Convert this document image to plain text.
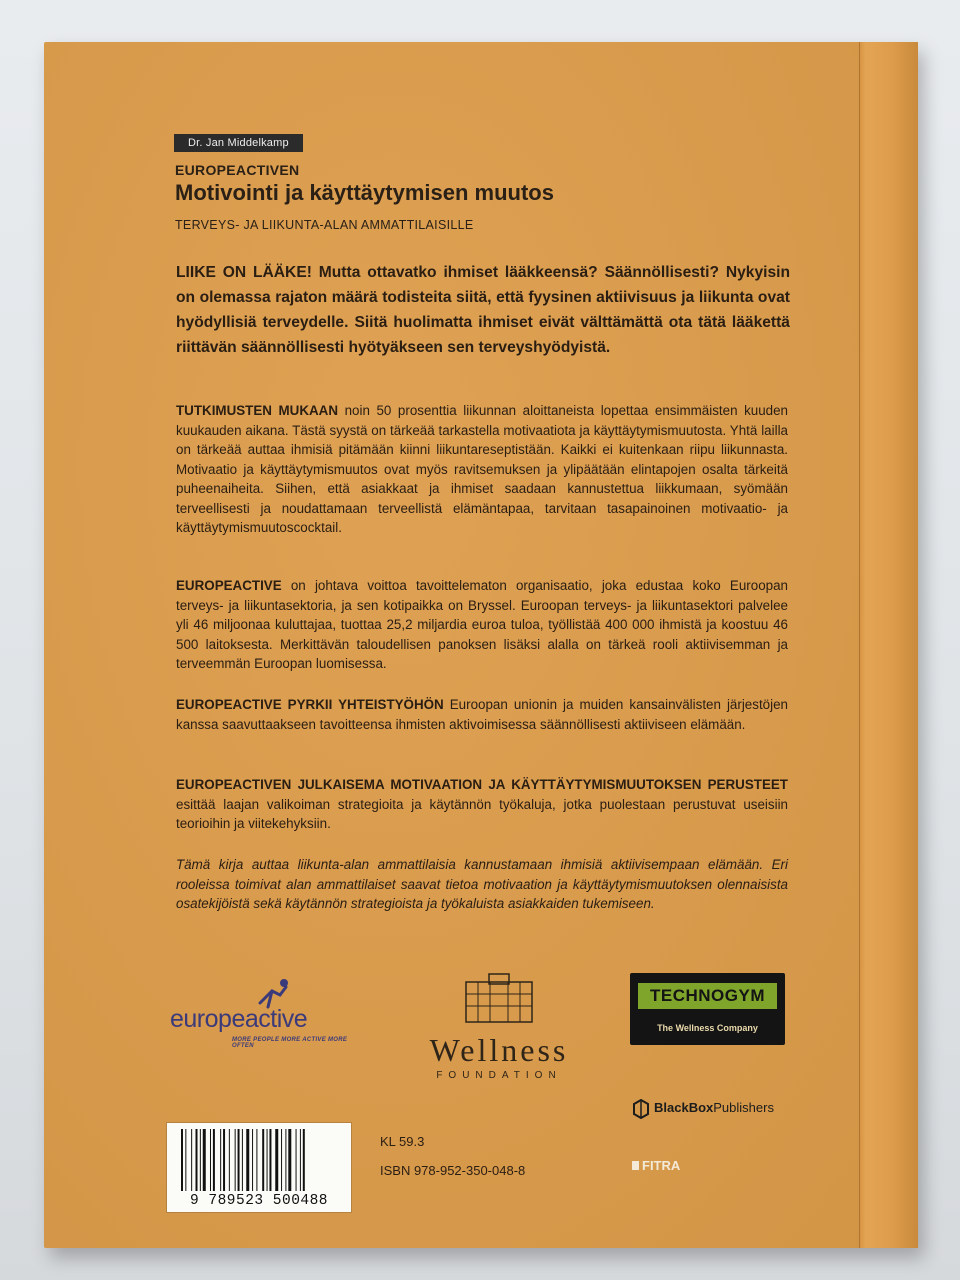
Dr. Jan Middelkamp
EUROPEACTIVEN
Motivointi ja käyttäytymisen muutos
TERVEYS- JA LIIKUNTA-ALAN AMMATTILAISILLE
LIIKE ON LÄÄKE! Mutta ottavatko ihmiset lääkkeensä? Säännöllisesti? Nykyisin on olemassa rajaton määrä todisteita siitä, että fyysinen aktiivisuus ja liikunta ovat hyödyllisiä terveydelle. Siitä huolimatta ihmiset eivät välttämättä ota tätä lääkettä riittävän säännöllisesti hyötyäkseen sen terveyshyödyistä.
TUTKIMUSTEN MUKAAN noin 50 prosenttia liikunnan aloittaneista lopettaa ensimmäisten kuuden kuukauden aikana. Tästä syystä on tärkeää tarkastella motivaatiota ja käyttäytymismuutosta. Yhtä lailla on tärkeää auttaa ihmisiä pitämään kiinni liikuntareseptistään. Kaikki ei kuitenkaan riipu liikunnasta. Motivaatio ja käyttäytymismuutos ovat myös ravitsemuksen ja ylipäätään elintapojen osalta tärkeitä puheenaiheita. Siihen, että asiakkaat ja ihmiset saadaan kannustettua liikkumaan, syömään terveellisesti ja noudattamaan terveellistä elämäntapaa, tarvitaan tasapainoinen motivaatio- ja käyttäytymismuutoscocktail.
EUROPEACTIVE on johtava voittoa tavoittelematon organisaatio, joka edustaa koko Euroopan terveys- ja liikuntasektoria, ja sen kotipaikka on Bryssel. Euroopan terveys- ja liikuntasektori palvelee yli 46 miljoonaa kuluttajaa, tuottaa 25,2 miljardia euroa tuloa, työllistää 400 000 ihmistä ja koostuu 46 500 laitoksesta. Merkittävän taloudellisen panoksen lisäksi alalla on tärkeä rooli aktiivisemman ja terveemmän Euroopan luomisessa.
EUROPEACTIVE PYRKII YHTEISTYÖHÖN Euroopan unionin ja muiden kansainvälisten järjestöjen kanssa saavuttaakseen tavoitteensa ihmisten aktivoimisessa säännöllisesti aktiiviseen elämään.
EUROPEACTIVEN JULKAISEMA MOTIVAATION JA KÄYTTÄYTYMISMUUTOKSEN PERUSTEET esittää laajan valikoiman strategioita ja käytännön työkaluja, jotka puolestaan perustuvat useisiin teorioihin ja viitekehyksiin.
Tämä kirja auttaa liikunta-alan ammattilaisia kannustamaan ihmisiä aktiivisempaan elämään. Eri rooleissa toimivat alan ammattilaiset saavat tietoa motivaation ja käyttäytymismuutoksen olennaisista osatekijöistä sekä käytännön strategioista ja työkaluista asiakkaiden tukemiseen.
europeactive
MORE PEOPLE MORE ACTIVE MORE OFTEN	Wellness
FOUNDATION
TECHNOGYM
The Wellness Company
BlackBoxPublishers
9 789523 500488
KL 59.3
ISBN 978-952-350-048-8	FITRA
